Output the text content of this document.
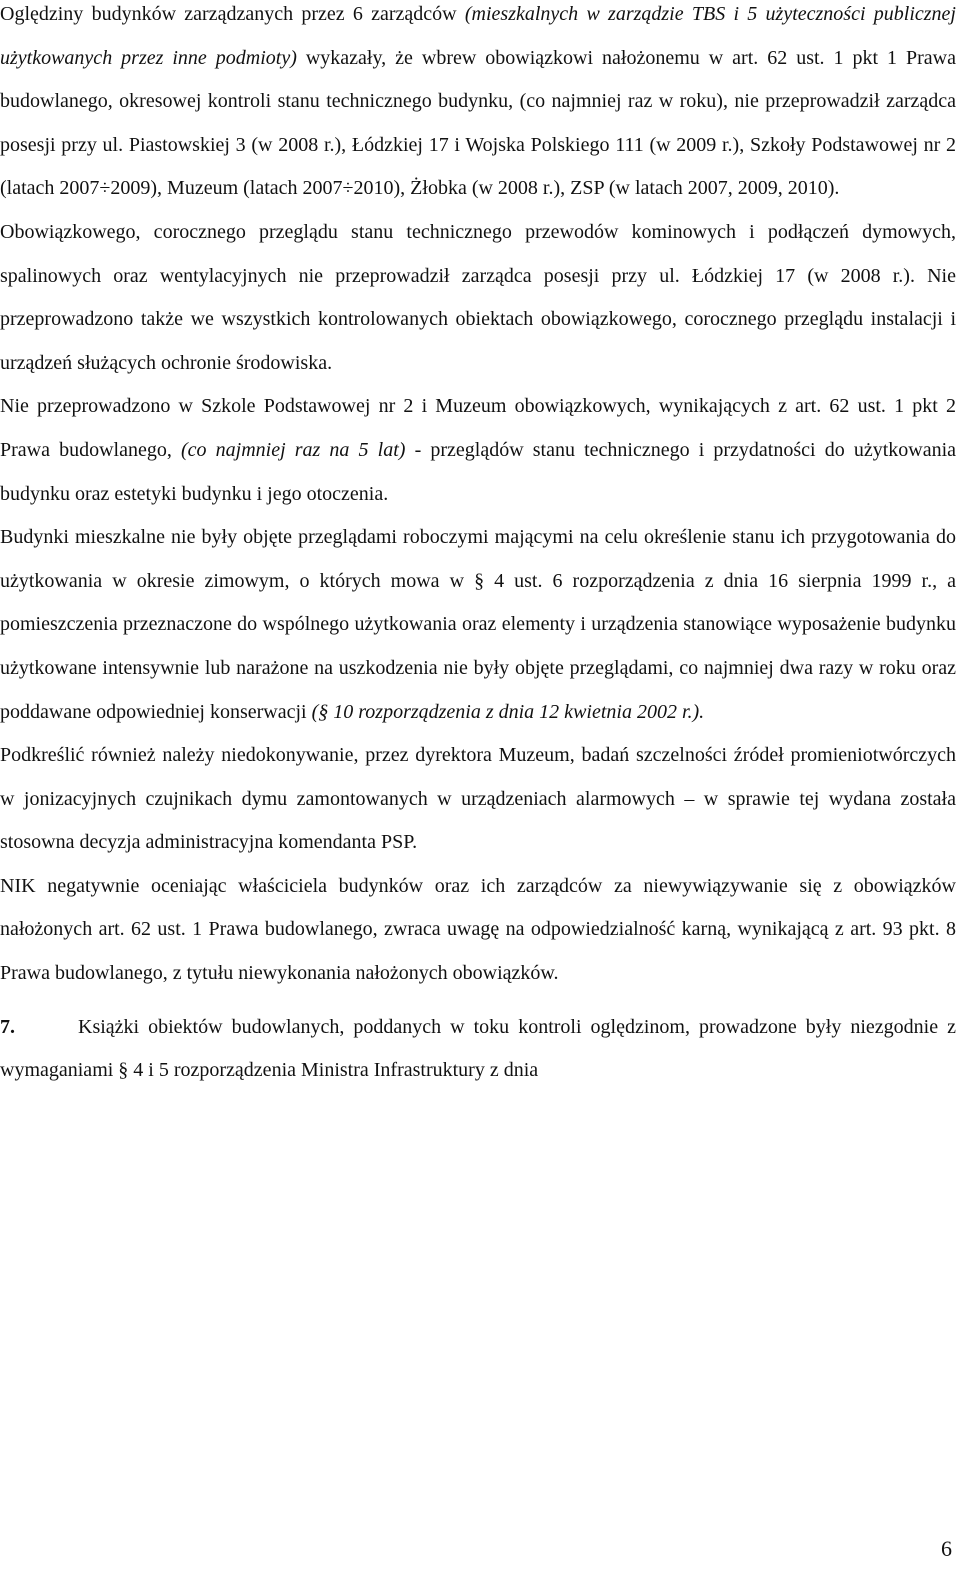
Oględziny budynków zarządzanych przez 6 zarządców (mieszkalnych w zarządzie TBS i 5 użyteczności publicznej użytkowanych przez inne podmioty) wykazały, że wbrew obowiązkowi nałożonemu w art. 62 ust. 1 pkt 1 Prawa budowlanego, okresowej kontroli stanu technicznego budynku, (co najmniej raz w roku), nie przeprowadził zarządca posesji przy ul. Piastowskiej 3 (w 2008 r.), Łódzkiej 17 i Wojska Polskiego 111 (w 2009 r.), Szkoły Podstawowej nr 2 (latach 2007÷2009), Muzeum (latach 2007÷2010), Żłobka (w 2008 r.), ZSP (w latach 2007, 2009, 2010).

Obowiązkowego, corocznego przeglądu stanu technicznego przewodów kominowych i podłączeń dymowych, spalinowych oraz wentylacyjnych nie przeprowadził zarządca posesji przy ul. Łódzkiej 17 (w 2008 r.). Nie przeprowadzono także we wszystkich kontrolowanych obiektach obowiązkowego, corocznego przeglądu instalacji i urządzeń służących ochronie środowiska.

Nie przeprowadzono w Szkole Podstawowej nr 2 i Muzeum obowiązkowych, wynikających z art. 62 ust. 1 pkt 2 Prawa budowlanego, (co najmniej raz na 5 lat) - przeglądów stanu technicznego i przydatności do użytkowania budynku oraz estetyki budynku i jego otoczenia.

Budynki mieszkalne nie były objęte przeglądami roboczymi mającymi na celu określenie stanu ich przygotowania do użytkowania w okresie zimowym, o których mowa w § 4 ust. 6 rozporządzenia z dnia 16 sierpnia 1999 r., a pomieszczenia przeznaczone do wspólnego użytkowania oraz elementy i urządzenia stanowiące wyposażenie budynku użytkowane intensywnie lub narażone na uszkodzenia nie były objęte przeglądami, co najmniej dwa razy w roku oraz poddawane odpowiedniej konserwacji (§ 10 rozporządzenia z dnia 12 kwietnia 2002 r.).

Podkreślić również należy niedokonywanie, przez dyrektora Muzeum, badań szczelności źródeł promieniotwórczych w jonizacyjnych czujnikach dymu zamontowanych w urządzeniach alarmowych – w sprawie tej wydana została stosowna decyzja administracyjna komendanta PSP.

NIK negatywnie oceniając właściciela budynków oraz ich zarządców za niewywiązywanie się z obowiązków nałożonych art. 62 ust. 1 Prawa budowlanego, zwraca uwagę na odpowiedzialność karną, wynikającą z art. 93 pkt. 8 Prawa budowlanego, z tytułu niewykonania nałożonych obowiązków.

7.	Książki obiektów budowlanych, poddanych w toku kontroli oględzinom, prowadzone były niezgodnie z wymaganiami § 4 i 5 rozporządzenia Ministra Infrastruktury z dnia

6
